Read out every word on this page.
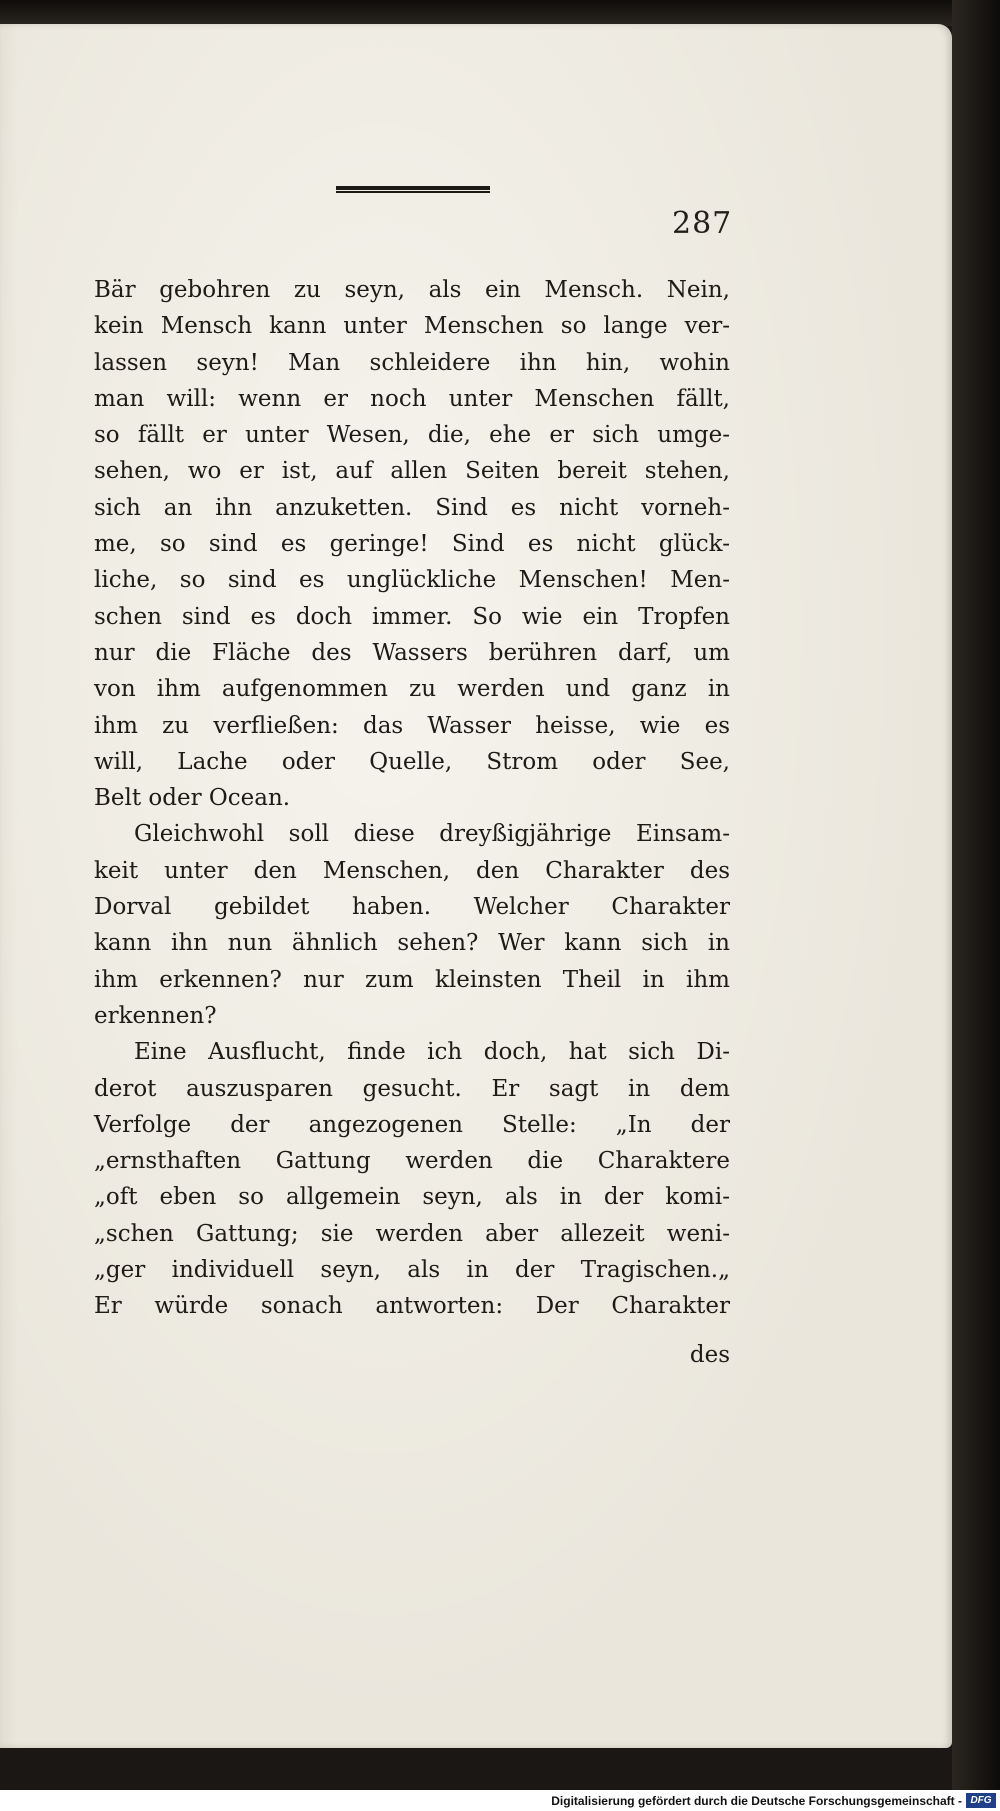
287
Bär gebohren zu seyn, als ein Mensch. Nein,
kein Mensch kann unter Menschen so lange ver-
lassen seyn! Man schleidere ihn hin, wohin
man will: wenn er noch unter Menschen fällt,
so fällt er unter Wesen, die, ehe er sich umge-
sehen, wo er ist, auf allen Seiten bereit stehen,
sich an ihn anzuketten. Sind es nicht vorneh-
me, so sind es geringe! Sind es nicht glück-
liche, so sind es unglückliche Menschen! Men-
schen sind es doch immer. So wie ein Tropfen
nur die Fläche des Wassers berühren darf, um
von ihm aufgenommen zu werden und ganz in
ihm zu verfließen: das Wasser heisse, wie es
will, Lache oder Quelle, Strom oder See,
Belt oder Ocean.
Gleichwohl soll diese dreyßigjährige Einsam-
keit unter den Menschen, den Charakter des
Dorval gebildet haben. Welcher Charakter
kann ihn nun ähnlich sehen? Wer kann sich in
ihm erkennen? nur zum kleinsten Theil in ihm
erkennen?
Eine Ausflucht, finde ich doch, hat sich Di-
derot auszusparen gesucht. Er sagt in dem
Verfolge der angezogenen Stelle: „In der
„ernsthaften Gattung werden die Charaktere
„oft eben so allgemein seyn, als in der komi-
„schen Gattung; sie werden aber allezeit weni-
„ger individuell seyn, als in der Tragischen.„
Er würde sonach antworten: Der Charakter
des
Digitalisierung gefördert durch die Deutsche Forschungsgemeinschaft - DFG
